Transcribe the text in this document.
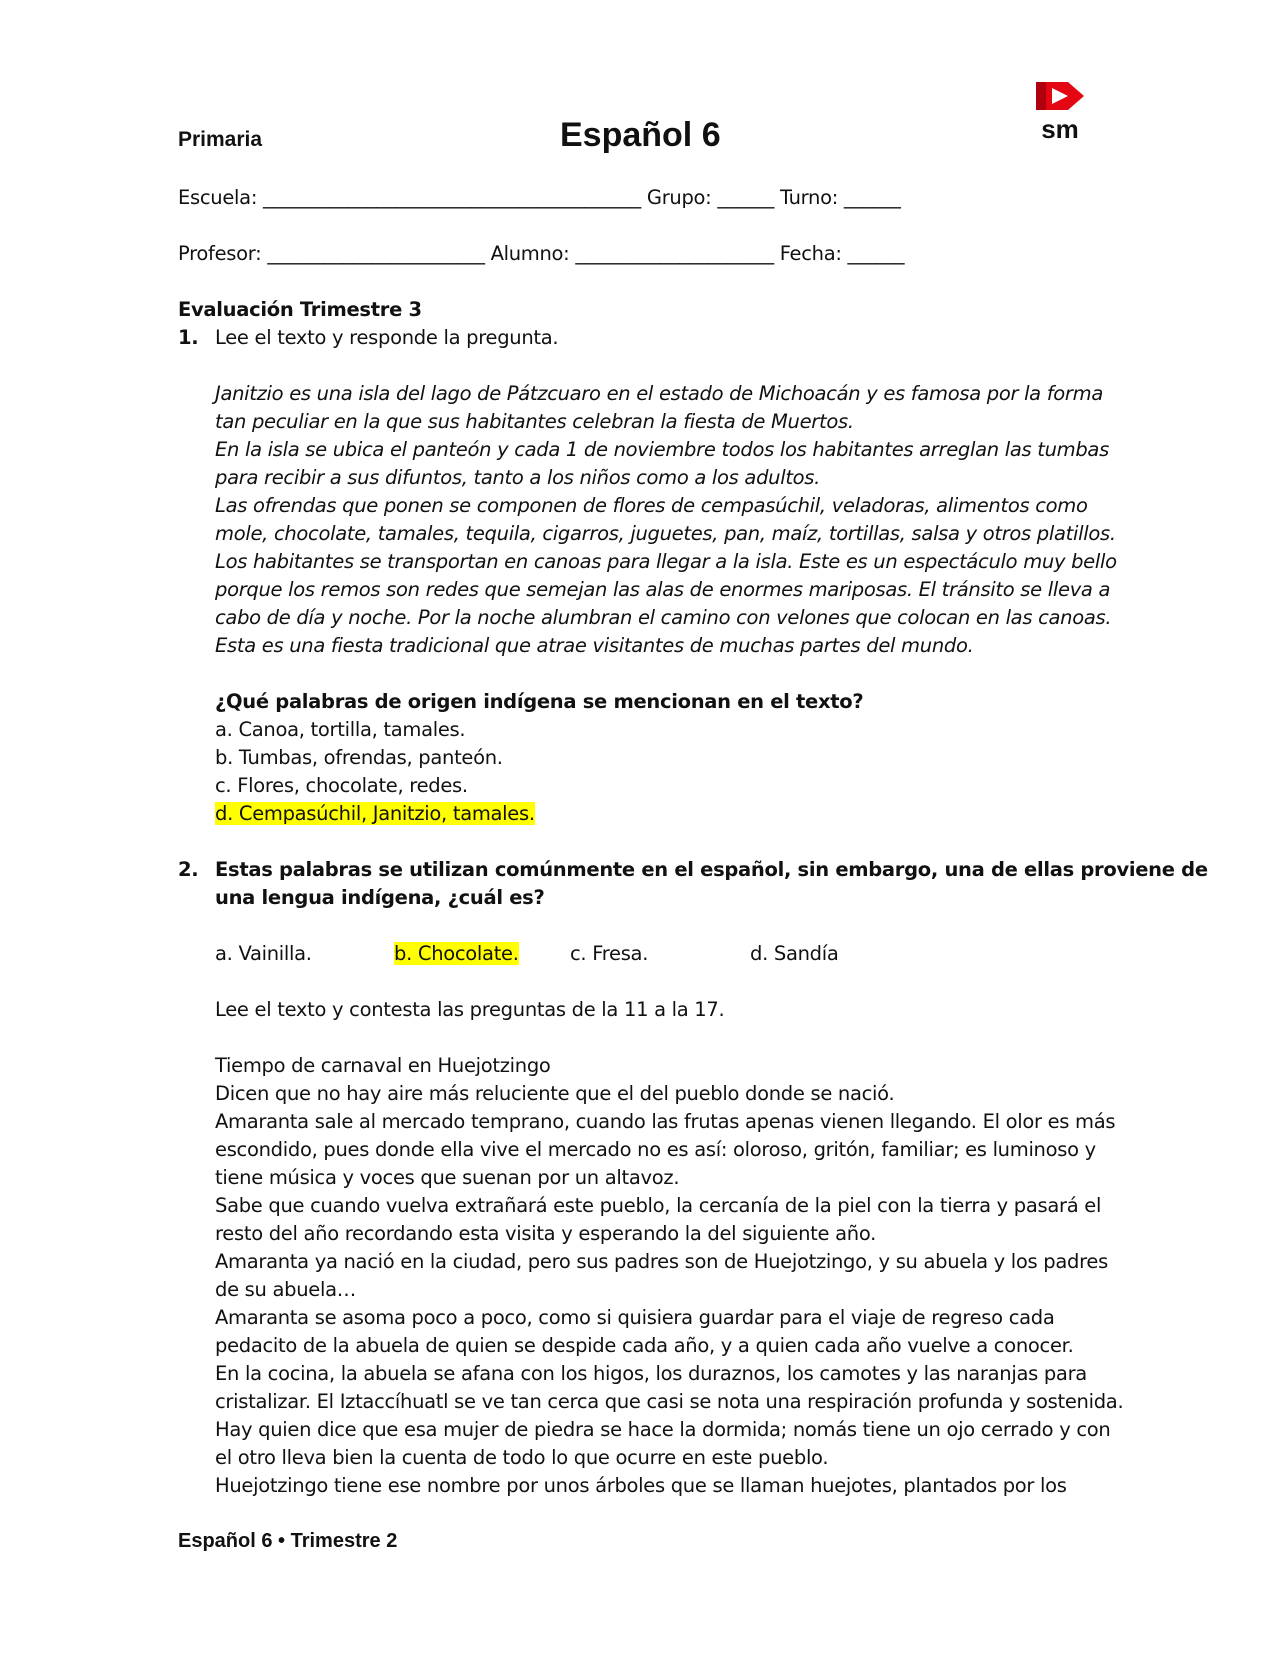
Primaria	Español 6	sm
Escuela: ________________________________________ Grupo: ______ Turno: ______
Profesor: _______________________ Alumno: _____________________ Fecha: ______
Evaluación Trimestre 3
1. Lee el texto y responde la pregunta.
Janitzio es una isla del lago de Pátzcuaro en el estado de Michoacán y es famosa por la forma
tan peculiar en la que sus habitantes celebran la fiesta de Muertos.
En la isla se ubica el panteón y cada 1 de noviembre todos los habitantes arreglan las tumbas
para recibir a sus difuntos, tanto a los niños como a los adultos.
Las ofrendas que ponen se componen de flores de cempasúchil, veladoras, alimentos como
mole, chocolate, tamales, tequila, cigarros, juguetes, pan, maíz, tortillas, salsa y otros platillos.
Los habitantes se transportan en canoas para llegar a la isla. Este es un espectáculo muy bello
porque los remos son redes que semejan las alas de enormes mariposas. El tránsito se lleva a
cabo de día y noche. Por la noche alumbran el camino con velones que colocan en las canoas.
Esta es una fiesta tradicional que atrae visitantes de muchas partes del mundo.
¿Qué palabras de origen indígena se mencionan en el texto?
a. Canoa, tortilla, tamales.
b. Tumbas, ofrendas, panteón.
c. Flores, chocolate, redes.
d. Cempasúchil, Janitzio, tamales.
2. Estas palabras se utilizan comúnmente en el español, sin embargo, una de ellas proviene de
una lengua indígena, ¿cuál es?
a. Vainilla.	b. Chocolate.	c. Fresa.	d. Sandía
Lee el texto y contesta las preguntas de la 11 a la 17.
Tiempo de carnaval en Huejotzingo
Dicen que no hay aire más reluciente que el del pueblo donde se nació.
Amaranta sale al mercado temprano, cuando las frutas apenas vienen llegando. El olor es más
escondido, pues donde ella vive el mercado no es así: oloroso, gritón, familiar; es luminoso y
tiene música y voces que suenan por un altavoz.
Sabe que cuando vuelva extrañará este pueblo, la cercanía de la piel con la tierra y pasará el
resto del año recordando esta visita y esperando la del siguiente año.
Amaranta ya nació en la ciudad, pero sus padres son de Huejotzingo, y su abuela y los padres
de su abuela…
Amaranta se asoma poco a poco, como si quisiera guardar para el viaje de regreso cada
pedacito de la abuela de quien se despide cada año, y a quien cada año vuelve a conocer.
En la cocina, la abuela se afana con los higos, los duraznos, los camotes y las naranjas para
cristalizar. El Iztaccíhuatl se ve tan cerca que casi se nota una respiración profunda y sostenida.
Hay quien dice que esa mujer de piedra se hace la dormida; nomás tiene un ojo cerrado y con
el otro lleva bien la cuenta de todo lo que ocurre en este pueblo.
Huejotzingo tiene ese nombre por unos árboles que se llaman huejotes, plantados por los
Español 6 • Trimestre 2
